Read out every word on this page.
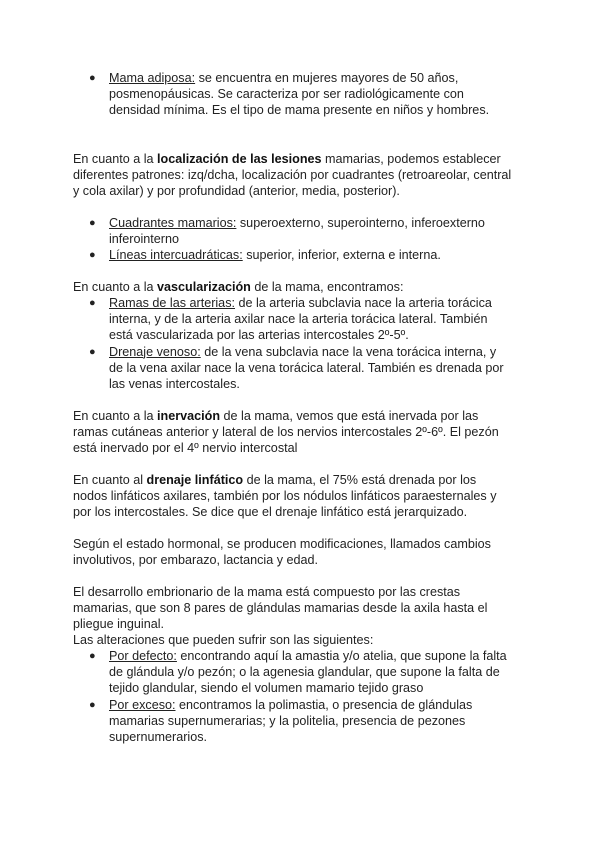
● Mama adiposa: se encuentra en mujeres mayores de 50 años, posmenopáusicas. Se caracteriza por ser radiológicamente con densidad mínima. Es el tipo de mama presente en niños y hombres.

En cuanto a la localización de las lesiones mamarias, podemos establecer diferentes patrones: izq/dcha, localización por cuadrantes (retroareolar, central y cola axilar) y por profundidad (anterior, media, posterior).

● Cuadrantes mamarios: superoexterno, superointerno, inferoexterno inferointerno
● Líneas intercuadráticas: superior, inferior, externa e interna.

En cuanto a la vascularización de la mama, encontramos:

● Ramas de las arterias: de la arteria subclavia nace la arteria torácica interna, y de la arteria axilar nace la arteria torácica lateral. También está vascularizada por las arterias intercostales 2º-5º.
● Drenaje venoso: de la vena subclavia nace la vena torácica interna, y de la vena axilar nace la vena torácica lateral. También es drenada por las venas intercostales.

En cuanto a la inervación de la mama, vemos que está inervada por las ramas cutáneas anterior y lateral de los nervios intercostales 2º-6º. El pezón está inervado por el 4º nervio intercostal

En cuanto al drenaje linfático de la mama, el 75% está drenada por los nodos linfáticos axilares, también por los nódulos linfáticos paraesternales y por los intercostales. Se dice que el drenaje linfático está jerarquizado.

Según el estado hormonal, se producen modificaciones, llamados cambios involutivos, por embarazo, lactancia y edad.

El desarrollo embrionario de la mama está compuesto por las crestas mamarias, que son 8 pares de glándulas mamarias desde la axila hasta el pliegue inguinal.

Las alteraciones que pueden sufrir son las siguientes:

● Por defecto: encontrando aquí la amastia y/o atelia, que supone la falta de glándula y/o pezón; o la agenesia glandular, que supone la falta de tejido glandular, siendo el volumen mamario tejido graso
● Por exceso: encontramos la polimastia, o presencia de glándulas mamarias supernumerarias; y la politelia, presencia de pezones supernumerarios.
